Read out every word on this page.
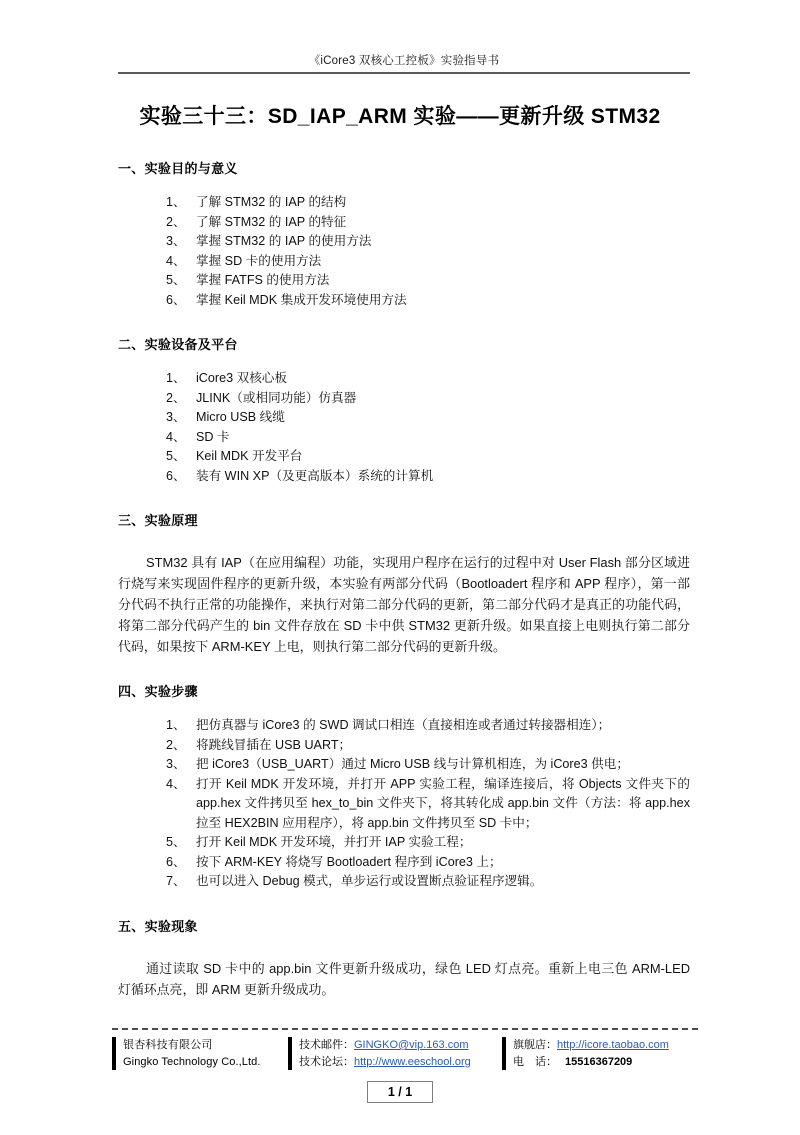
《iCore3 双核心工控板》实验指导书
实验三十三：SD_IAP_ARM 实验——更新升级 STM32
一、实验目的与意义
1、 了解 STM32 的 IAP 的结构
2、 了解 STM32 的 IAP 的特征
3、 掌握 STM32 的 IAP 的使用方法
4、 掌握 SD 卡的使用方法
5、 掌握 FATFS 的使用方法
6、 掌握 Keil MDK 集成开发环境使用方法
二、实验设备及平台
1、 iCore3 双核心板
2、 JLINK（或相同功能）仿真器
3、 Micro USB 线缆
4、 SD 卡
5、 Keil MDK 开发平台
6、 装有 WIN XP（及更高版本）系统的计算机
三、实验原理

STM32 具有 IAP（在应用编程）功能，实现用户程序在运行的过程中对 User Flash 部分区域进行烧写来实现固件程序的更新升级，本实验有两部分代码（Bootloadert 程序和 APP 程序），第一部分代码不执行正常的功能操作，来执行对第二部分代码的更新，第二部分代码才是真正的功能代码，将第二部分代码产生的 bin 文件存放在 SD 卡中供 STM32 更新升级。如果直接上电则执行第二部分代码，如果按下 ARM-KEY 上电，则执行第二部分代码的更新升级。

四、实验步骤
1、 把仿真器与 iCore3 的 SWD 调试口相连（直接相连或者通过转接器相连）；
2、 将跳线冒插在 USB UART；
3、 把 iCore3（USB_UART）通过 Micro USB 线与计算机相连，为 iCore3 供电；
4、 打开 Keil MDK 开发环境，并打开 APP 实验工程，编译连接后，将 Objects 文件夹下的 app.hex 文件拷贝至 hex_to_bin 文件夹下，将其转化成 app.bin 文件（方法：将 app.hex 拉至 HEX2BIN 应用程序），将 app.bin 文件拷贝至 SD 卡中；
5、 打开 Keil MDK 开发环境，并打开 IAP 实验工程；
6、 按下 ARM-KEY 将烧写 Bootloadert 程序到 iCore3 上；
7、 也可以进入 Debug 模式，单步运行或设置断点验证程序逻辑。
五、实验现象

通过读取 SD 卡中的 app.bin 文件更新升级成功，绿色 LED 灯点亮。重新上电三色 ARM-LED 灯循环点亮，即 ARM 更新升级成功。

银杏科技有限公司
Gingko Technology Co.,Ltd.
技术邮件：GINGKO@vip.163.com
技术论坛：http://www.eeschool.org
旗舰店：http://icore.taobao.com
电　话： 15516367209
1 / 1
